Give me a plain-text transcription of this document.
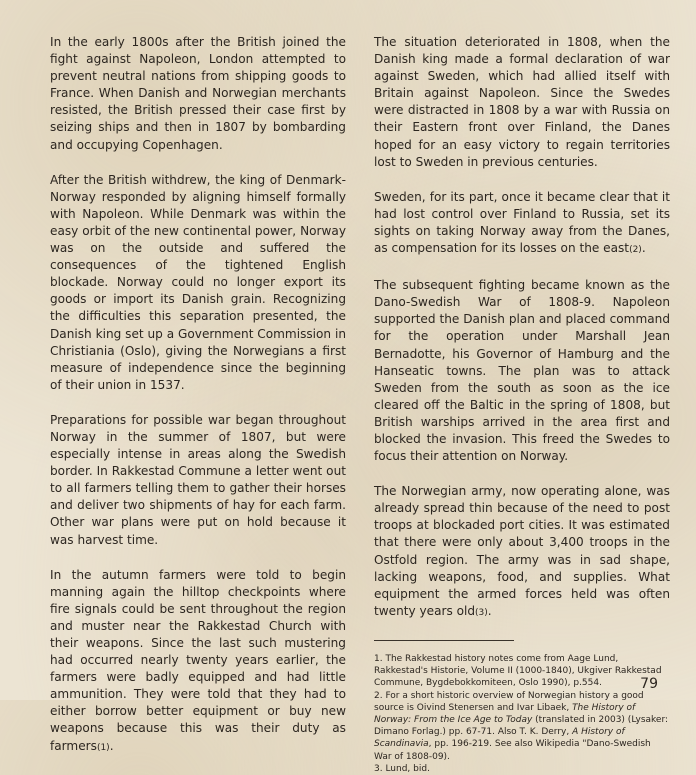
In the early 1800s after the British joined the fight against Napoleon, London attempted to prevent neutral nations from shipping goods to France. When Danish and Norwegian merchants resisted, the British pressed their case first by seizing ships and then in 1807 by bombarding and occupying Copenhagen.

After the British withdrew, the king of Denmark-Norway responded by aligning himself formally with Napoleon. While Denmark was within the easy orbit of the new continental power, Norway was on the outside and suffered the consequences of the tightened English blockade. Norway could no longer export its goods or import its Danish grain. Recognizing the difficulties this separation presented, the Danish king set up a Government Commission in Christiania (Oslo), giving the Norwegians a first measure of independence since the beginning of their union in 1537.

Preparations for possible war began throughout Norway in the summer of 1807, but were especially intense in areas along the Swedish border. In Rakkestad Commune a letter went out to all farmers telling them to gather their horses and deliver two shipments of hay for each farm. Other war plans were put on hold because it was harvest time.

In the autumn farmers were told to begin manning again the hilltop checkpoints where fire signals could be sent throughout the region and muster near the Rakkestad Church with their weapons. Since the last such mustering had occurred nearly twenty years earlier, the farmers were badly equipped and had little ammunition. They were told that they had to either borrow better equipment or buy new weapons because this was their duty as farmers(1).

The situation deteriorated in 1808, when the Danish king made a formal declaration of war against Sweden, which had allied itself with Britain against Napoleon. Since the Swedes were distracted in 1808 by a war with Russia on their Eastern front over Finland, the Danes hoped for an easy victory to regain territories lost to Sweden in previous centuries.

Sweden, for its part, once it became clear that it had lost control over Finland to Russia, set its sights on taking Norway away from the Danes, as compensation for its losses on the east(2).

The subsequent fighting became known as the Dano-Swedish War of 1808-9. Napoleon supported the Danish plan and placed command for the operation under Marshall Jean Bernadotte, his Governor of Hamburg and the Hanseatic towns. The plan was to attack Sweden from the south as soon as the ice cleared off the Baltic in the spring of 1808, but British warships arrived in the area first and blocked the invasion. This freed the Swedes to focus their attention on Norway.

The Norwegian army, now operating alone, was already spread thin because of the need to post troops at blockaded port cities. It was estimated that there were only about 3,400 troops in the Ostfold region. The army was in sad shape, lacking weapons, food, and supplies. What equipment the armed forces held was often twenty years old(3).

1. The Rakkestad history notes come from Aage Lund, Rakkestad's Historie, Volume II (1000-1840), Ukgiver Rakkestad Commune, Bygdebokkomiteen, Oslo 1990), p.554.

2. For a short historic overview of Norwegian history a good source is Oivind Stenersen and Ivar Libaek, The History of Norway: From the Ice Age to Today (translated in 2003) (Lysaker: Dimano Forlag.) pp. 67-71. Also T. K. Derry, A History of Scandinavia, pp. 196-219. See also Wikipedia "Dano-Swedish War of 1808-09).

3. Lund, bid.

79
